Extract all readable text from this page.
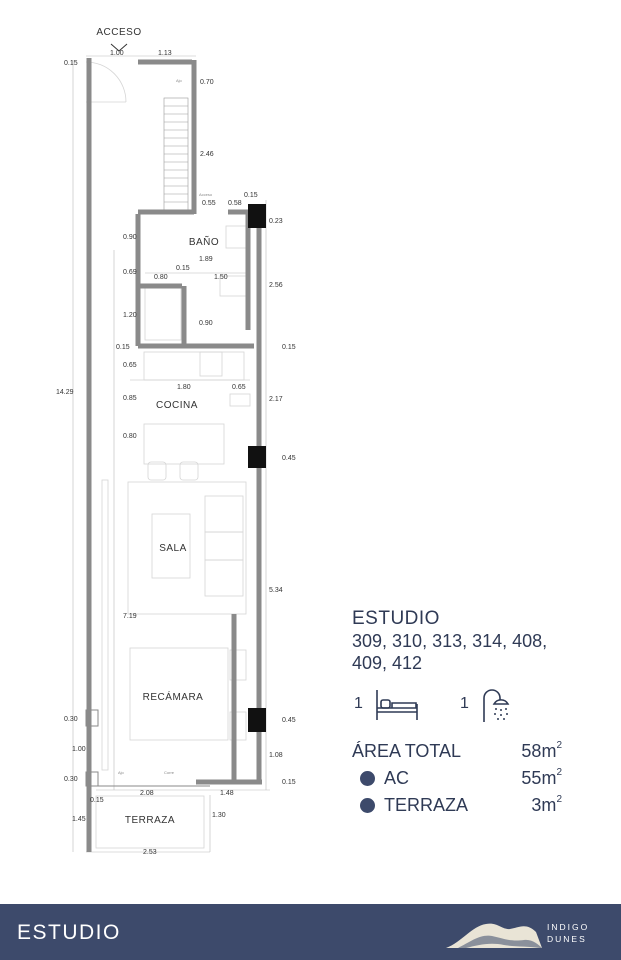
ACCESO
BAÑO
COCINA
SALA
RECÁMARA
TERRAZA
Ajo
Acceso
Ajo	Corre
0.15
1.00	1.13
0.70
2.46
0.15
0.55 0.58
0.23
0.90
1.89
0.69
0.15
0.80	1.50
2.56
1.20
0.90
0.15	0.15
0.65
1.80	0.65
0.85	2.17
0.80
0.45
14.29
5.34
7.19
0.30	0.45
1.00
1.08
0.30	0.15
0.15
2.08	1.48
1.45
1.30
2.53
ESTUDIO
309, 310, 313, 314, 408,
409, 412
1	1
ÁREA TOTAL	$58m^2$
AC	$55m^2$
TERRAZA	$3m^2$
ESTUDIO	INDIGO
DUNES
